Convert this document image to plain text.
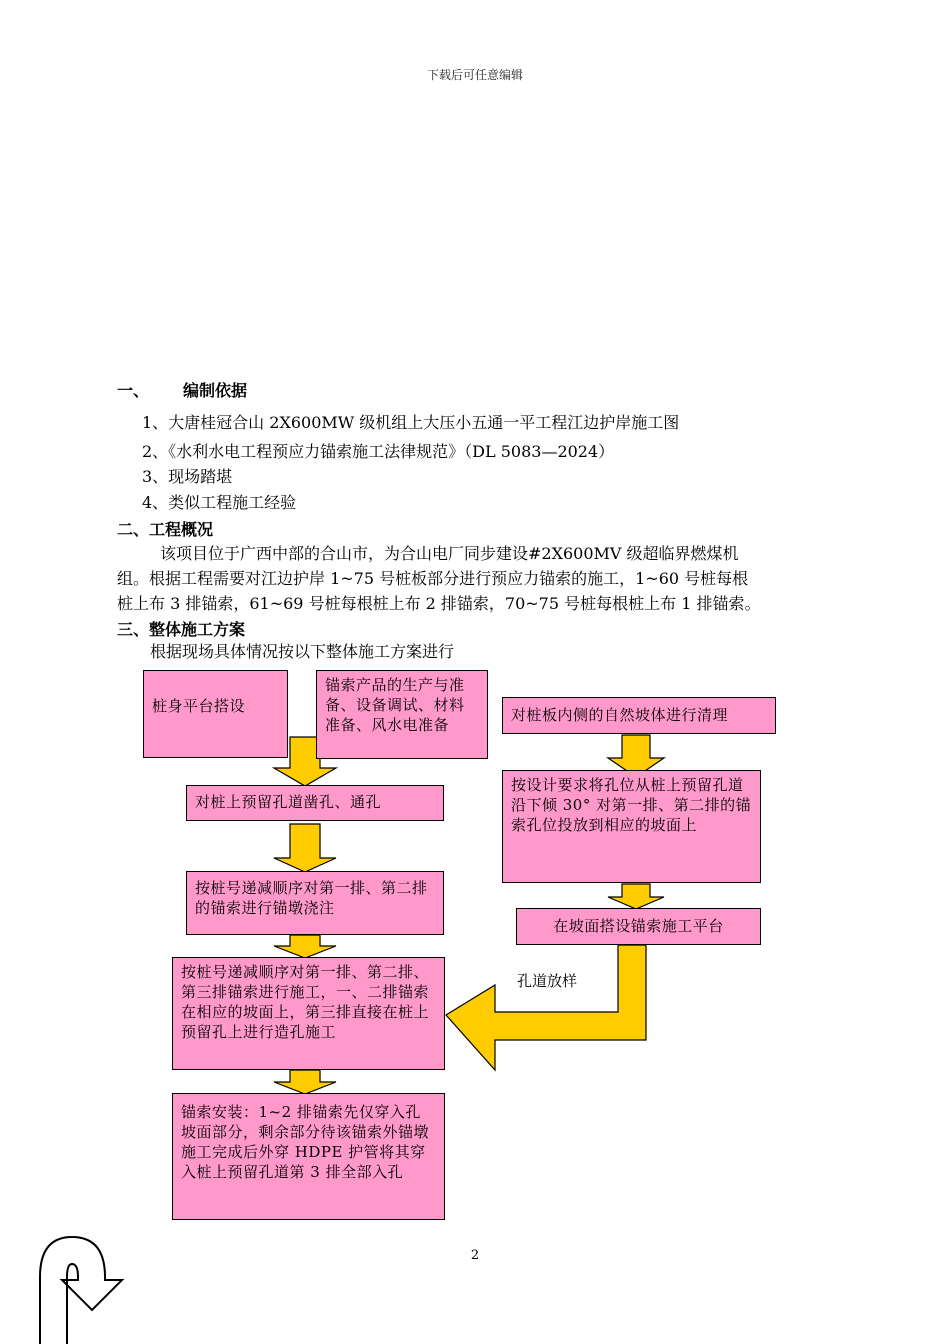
下载后可任意编辑
一、 编制依据
1、大唐桂冠合山 2X600MW 级机组上大压小五通一平工程江边护岸施工图
2、《水利水电工程预应力锚索施工法律规范》（DL 5083—2024）
3、现场踏堪
4、类似工程施工经验
二、工程概况
该项目位于广西中部的合山市，为合山电厂同步建设#2X600MV 级超临界燃煤机
组。根据工程需要对江边护岸 1~75 号桩板部分进行预应力锚索的施工，1~60 号桩每根
桩上布 3 排锚索，61~69 号桩每根桩上布 2 排锚索，70~75 号桩每根桩上布 1 排锚索。
三、整体施工方案
根据现场具体情况按以下整体施工方案进行
桩身平台搭设
锚索产品的生产与准备、设备调试、材料准备、风水电准备
对桩上预留孔道凿孔、通孔
按桩号递减顺序对第一排、第二排的锚索进行锚墩浇注
按桩号递减顺序对第一排、第二排、第三排锚索进行施工，一、二排锚索在相应的坡面上，第三排直接在桩上预留孔上进行造孔施工
锚索安装：1~2 排锚索先仅穿入孔坡面部分，剩余部分待该锚索外锚墩施工完成后外穿 HDPE 护管将其穿入桩上预留孔道第 3 排全部入孔
对桩板内侧的自然坡体进行清理
按设计要求将孔位从桩上预留孔道沿下倾 30° 对第一排、第二排的锚索孔位投放到相应的坡面上
在坡面搭设锚索施工平台
孔道放样
2
